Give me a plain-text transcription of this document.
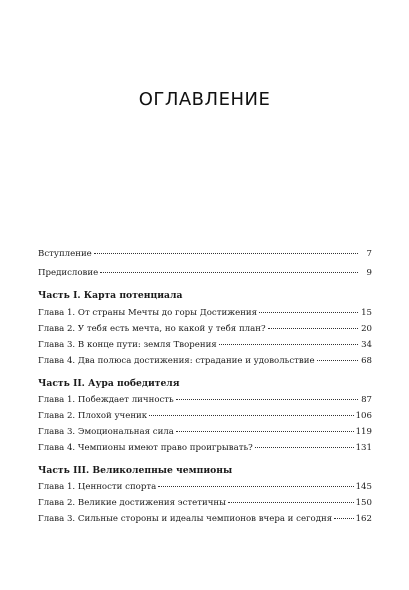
ОГЛАВЛЕНИЕ
Вступление	7
Предисловие	9
Часть I. Карта потенциала
Глава 1. От страны Мечты до горы Достижения	15
Глава 2. У тебя есть мечта, но какой у тебя план?	20
Глава 3. В конце пути: земля Творения	34
Глава 4. Два полюса достижения: страдание и удовольствие	68
Часть II. Аура победителя
Глава 1. Побеждает личность	87
Глава 2. Плохой ученик	106
Глава 3. Эмоциональная сила	119
Глава 4. Чемпионы имеют право проигрывать?	131
Часть III. Великолепные чемпионы
Глава 1. Ценности спорта	145
Глава 2. Великие достижения эстетичны	150
Глава 3. Сильные стороны и идеалы чемпионов вчера и сегодня	162
